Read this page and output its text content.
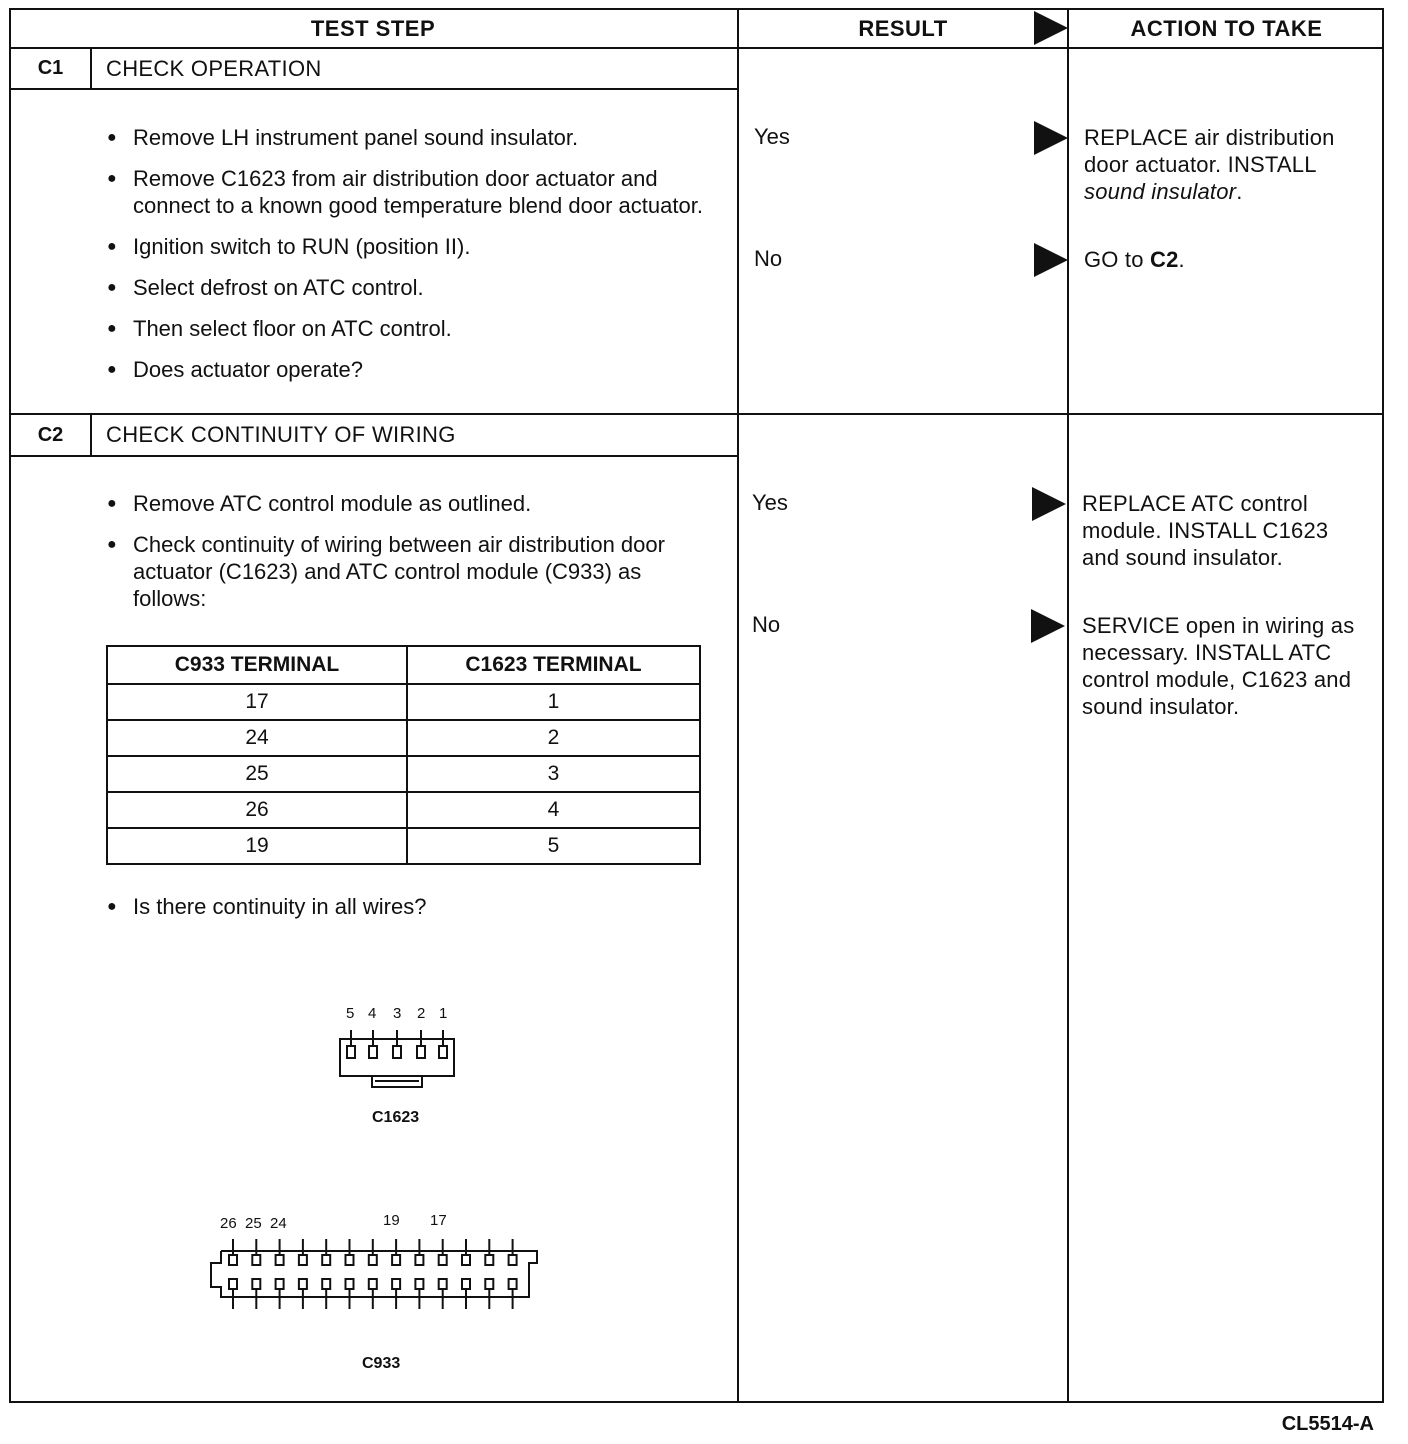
TEST STEP	RESULT	ACTION TO TAKE
C1	CHECK OPERATION
● Remove LH instrument panel sound insulator.
● Remove C1623 from air distribution door actuator and connect to a known good temperature blend door actuator.
● Ignition switch to RUN (position II).
● Select defrost on ATC control.
● Then select floor on ATC control.
● Does actuator operate?
Yes	REPLACE air distribution door actuator. INSTALL sound insulator.
No	GO to C2.
C2	CHECK CONTINUITY OF WIRING
● Remove ATC control module as outlined.
● Check continuity of wiring between air distribution door actuator (C1623) and ATC control module (C933) as follows:
C933 TERMINAL	C1623 TERMINAL
17	1
24	2
25	3
26	4
19	5
● Is there continuity in all wires?
Yes	REPLACE ATC control module. INSTALL C1623 and sound insulator.
No	SERVICE open in wiring as necessary. INSTALL ATC control module, C1623 and sound insulator.
5 4 3 2 1
C1623
26 25 24	19 17
C933
CL5514-A
